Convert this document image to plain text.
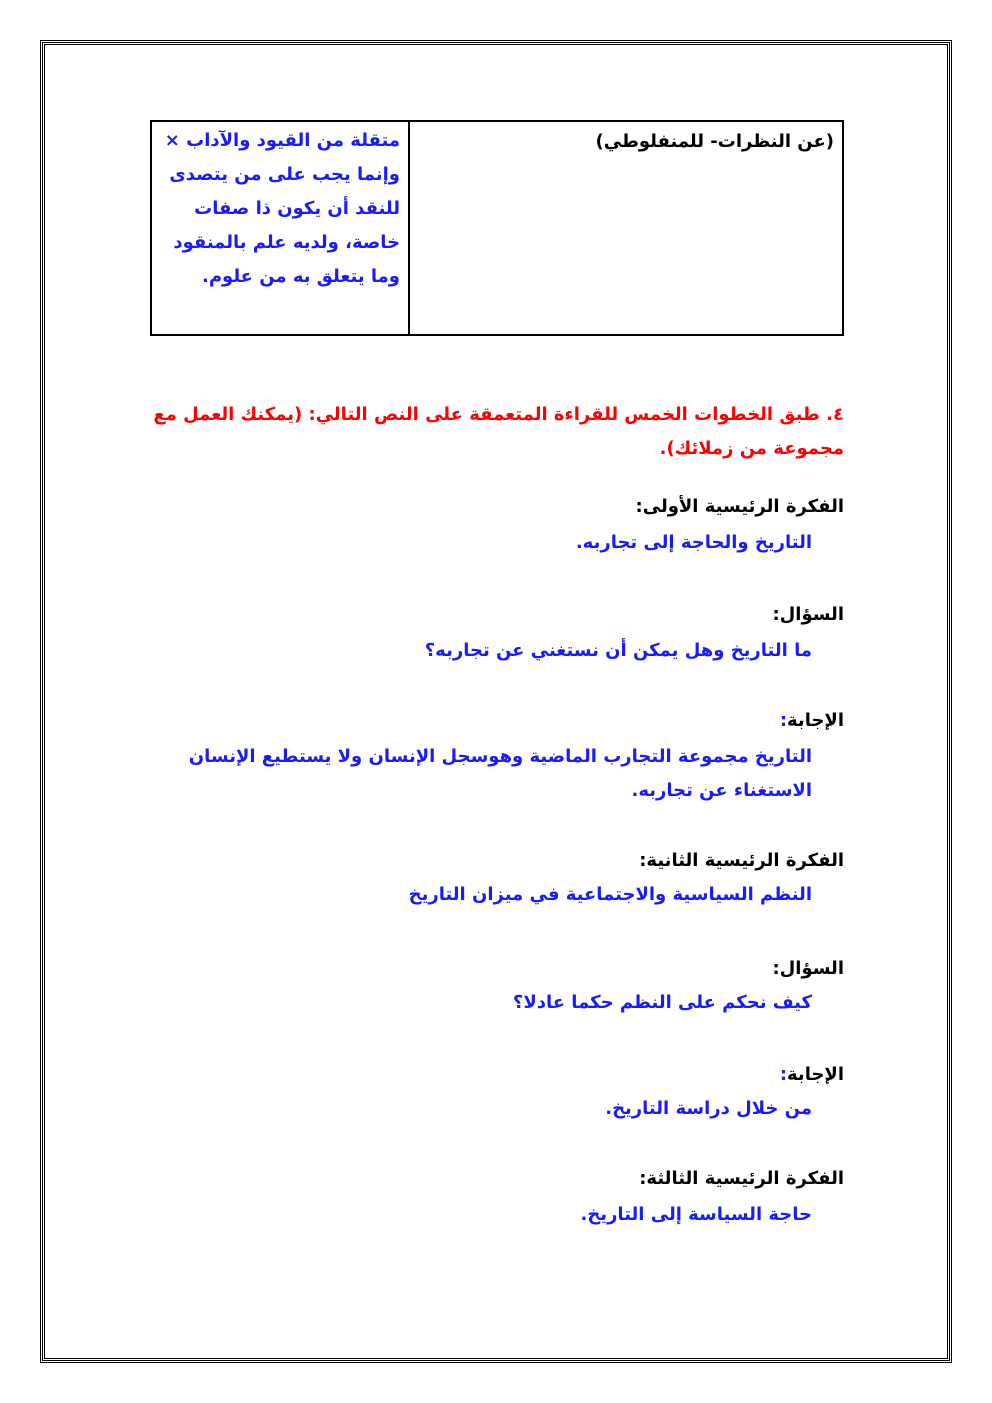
(عن النظرات- للمنفلوطي)
متقلة من القيود والآداب ×
وإنما يجب على من يتصدى
للنقد أن يكون ذا صفات
خاصة، ولديه علم بالمنقود
وما يتعلق به من علوم.
٤. طبق الخطوات الخمس للقراءة المتعمقة على النص التالي: (يمكنك العمل مع
مجموعة من زملائك).
الفكرة الرئيسية الأولى:
التاريخ والحاجة إلى تجاربه.
السؤال:
ما التاريخ وهل يمكن أن نستغني عن تجاربه؟
الإجابة:
التاريخ مجموعة التجارب الماضية وهوسجل الإنسان ولا يستطيع الإنسان
الاستغناء عن تجاربه.
الفكرة الرئيسية الثانية:
النظم السياسية والاجتماعية في ميزان التاريخ
السؤال:
كيف نحكم على النظم حكما عادلا؟
الإجابة:
من خلال دراسة التاريخ.
الفكرة الرئيسية الثالثة:
حاجة السياسة إلى التاريخ.
